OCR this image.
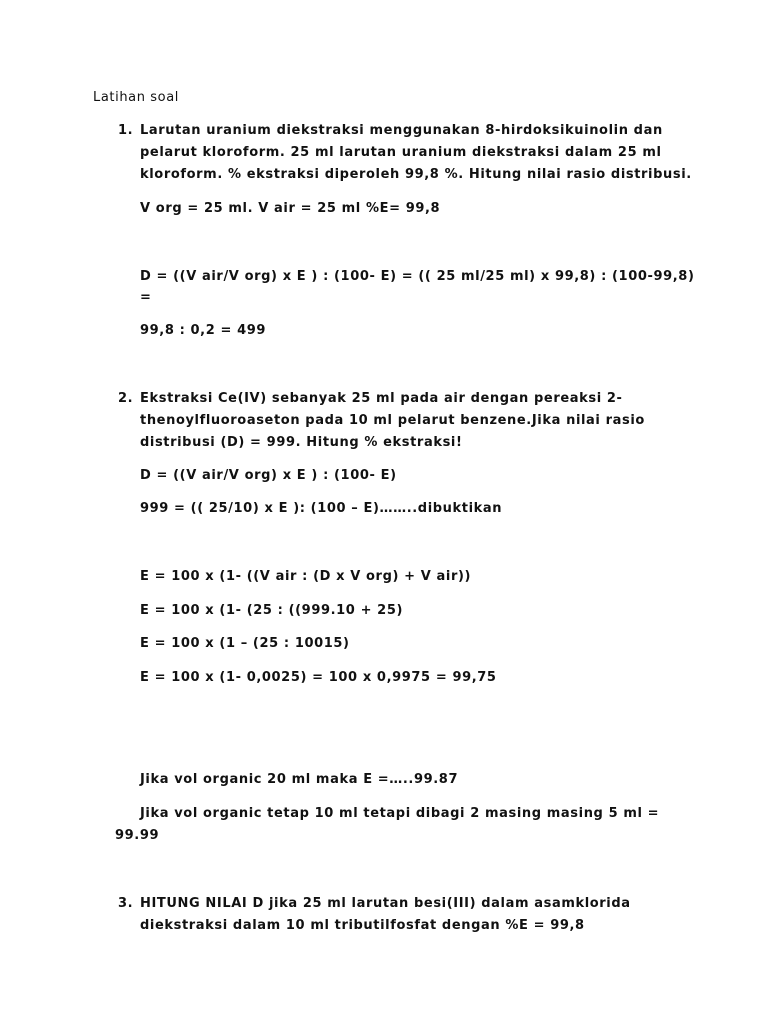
Latihan soal
1. Larutan uranium diekstraksi menggunakan 8-hirdoksikuinolin dan
pelarut kloroform. 25 ml larutan uranium diekstraksi dalam 25 ml
kloroform. % ekstraksi diperoleh 99,8 %. Hitung nilai rasio distribusi.
V org = 25 ml. V air = 25 ml %E= 99,8
D = ((V air/V org) x E ) : (100- E) = (( 25 ml/25 ml) x 99,8) : (100-99,8)
=
99,8 : 0,2 = 499
2. Ekstraksi Ce(IV) sebanyak 25 ml pada air dengan pereaksi 2-
thenoylfluoroaseton pada 10 ml pelarut benzene.Jika nilai rasio
distribusi (D) = 999. Hitung % ekstraksi!
D = ((V air/V org) x E ) : (100- E)
999 = (( 25/10) x E ): (100 – E)……..dibuktikan
E = 100 x (1- ((V air : (D x V org) + V air))
E = 100 x (1- (25 : ((999.10 + 25)
E = 100 x (1 – (25 : 10015)
E = 100 x (1- 0,0025) = 100 x 0,9975 = 99,75
Jika vol organic 20 ml maka E =…..99.87
Jika vol organic tetap 10 ml tetapi dibagi 2 masing masing 5 ml =
99.99
3. HITUNG NILAI D jika 25 ml larutan besi(III) dalam asamklorida
diekstraksi dalam 10 ml tributilfosfat dengan %E = 99,8
